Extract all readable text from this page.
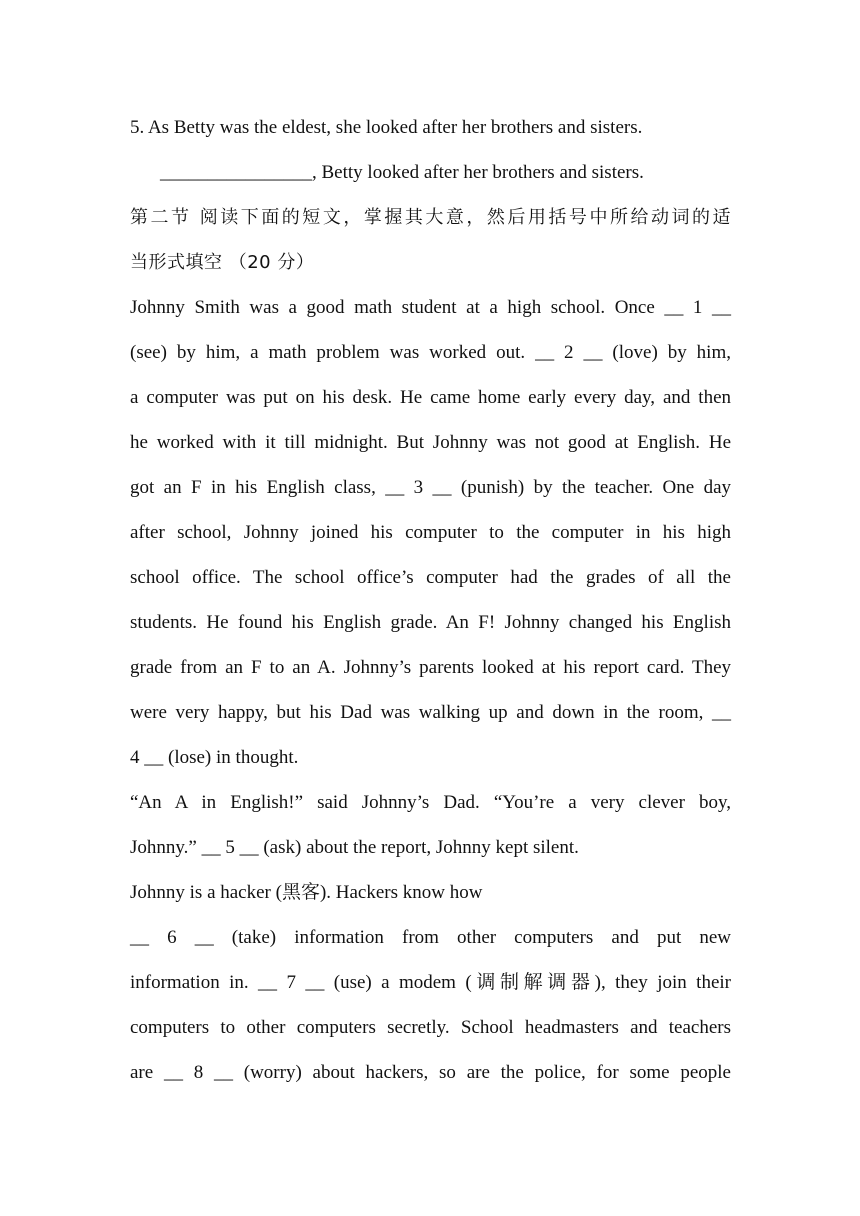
5. As Betty was the eldest, she looked after her brothers and sisters.
________________, Betty looked after her brothers and sisters.
第二节 阅读下面的短文，掌握其大意，然后用括号中所给动词的适
当形式填空 （20 分）
Johnny Smith was a good math student at a high school. Once __ 1 __
(see) by him, a math problem was worked out. __ 2 __ (love) by him,
a computer was put on his desk. He came home early every day, and then
he worked with it till midnight. But Johnny was not good at English. He
got an F in his English class, __ 3 __ (punish) by the teacher. One day
after school, Johnny joined his computer to the computer in his high
school office. The school office’s computer had the grades of all the
students. He found his English grade. An F! Johnny changed his English
grade from an F to an A. Johnny’s parents looked at his report card. They
were very happy, but his Dad was walking up and down in the room, __
4 __ (lose) in thought.
“An A in English!” said Johnny’s Dad. “You’re a very clever boy,
Johnny.” __ 5 __ (ask) about the report, Johnny kept silent.
Johnny is a hacker (黑客). Hackers know how
__ 6 __ (take) information from other computers and put new
information in. __ 7 __ (use) a modem (调制解调器), they join their
computers to other computers secretly. School headmasters and teachers
are __ 8 __ (worry) about hackers, so are the police, for some people
